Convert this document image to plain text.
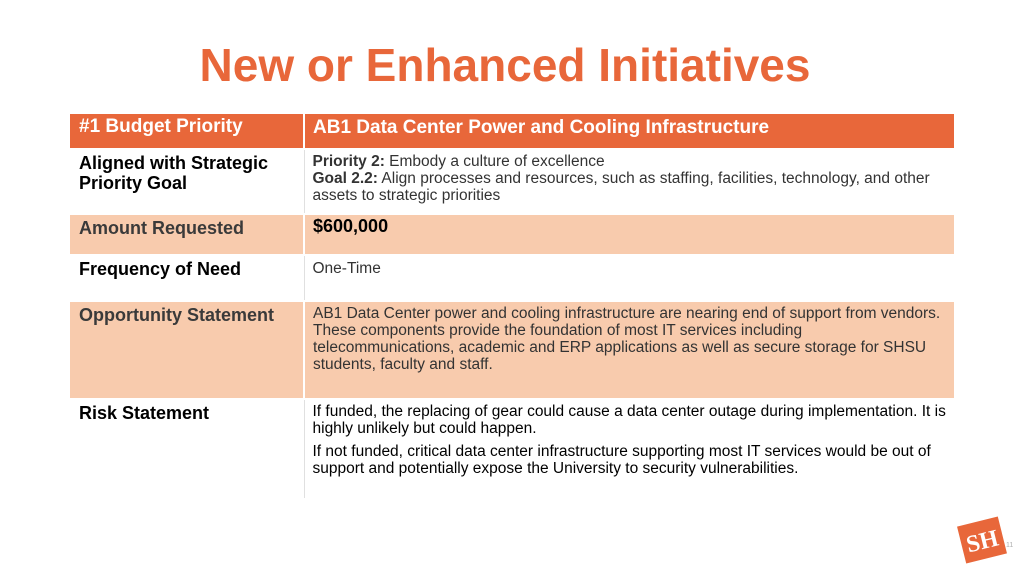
New or Enhanced Initiatives
#1 Budget Priority	AB1 Data Center Power and Cooling Infrastructure
Aligned with Strategic Priority Goal	Priority 2: Embody a culture of excellence
Goal 2.2: Align processes and resources, such as staffing, facilities, technology, and other assets to strategic priorities

Amount Requested	$600,000
Frequency of Need	One-Time
Opportunity Statement	AB1 Data Center power and cooling infrastructure are nearing end of support from vendors. These components provide the foundation of most IT services including telecommunications, academic and ERP applications as well as secure storage for SHSU students, faculty and staff.
Risk Statement	If funded, the replacing of gear could cause a data center outage during implementation. It is highly unlikely but could happen.
If not funded, critical data center infrastructure supporting most IT services would be out of support and potentially expose the University to security vulnerabilities.
SH 11
